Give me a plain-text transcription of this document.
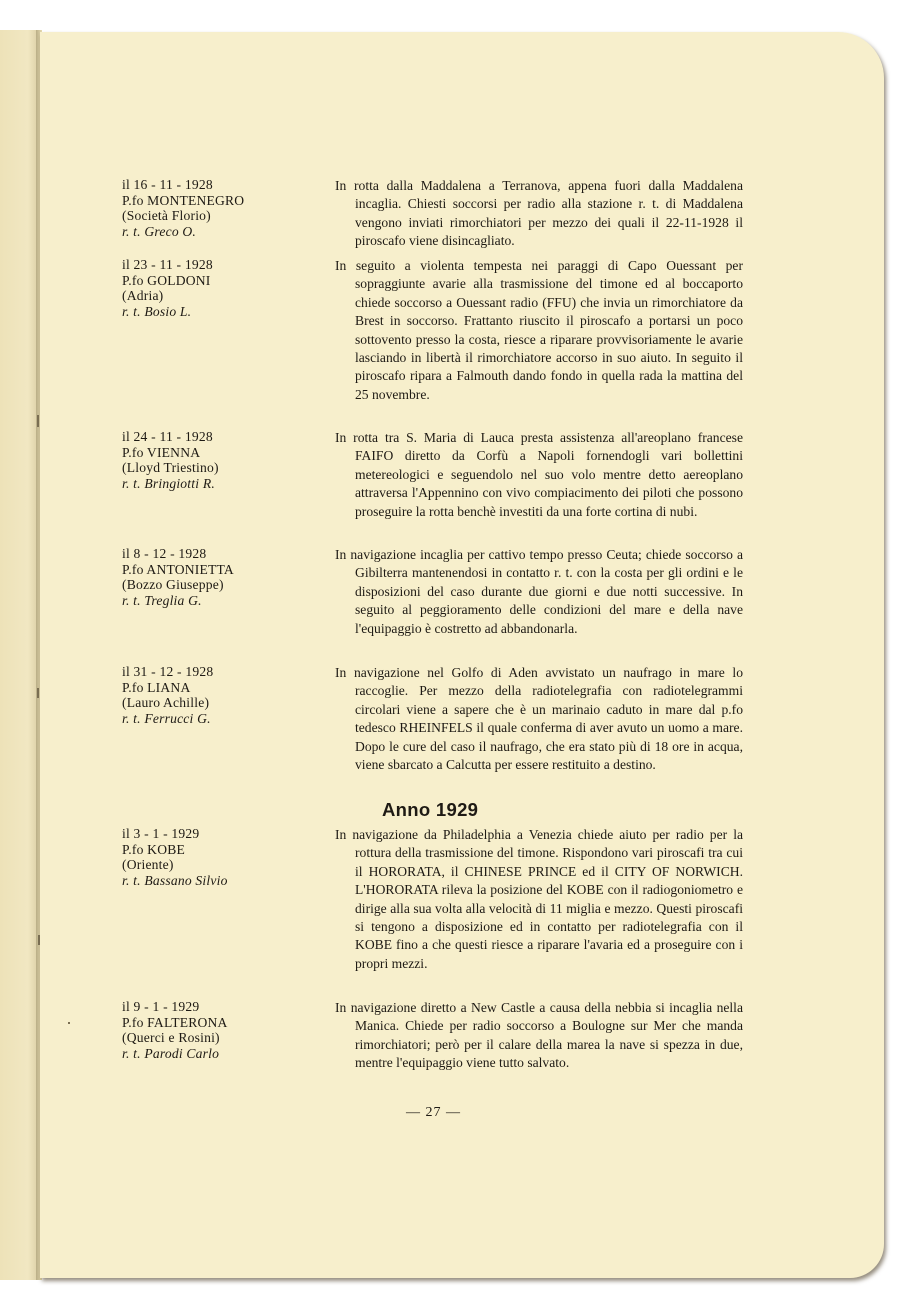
il 16 - 11 - 1928
P.fo MONTENEGRO
(Società Florio)
r. t. Greco O.

In rotta dalla Maddalena a Terranova, appena fuori dalla Maddalena incaglia. Chiesti soccorsi per radio alla stazione r. t. di Maddalena vengono inviati rimorchiatori per mezzo dei quali il 22-11-1928 il piroscafo viene disincagliato.

il 23 - 11 - 1928
P.fo GOLDONI
(Adria)
r. t. Bosio L.

In seguito a violenta tempesta nei paraggi di Capo Ouessant per sopraggiunte avarie alla trasmissione del timone ed al boccaporto chiede soccorso a Ouessant radio (FFU) che invia un rimorchiatore da Brest in soccorso. Frattanto riuscito il piroscafo a portarsi un poco sottovento presso la costa, riesce a riparare provvisoriamente le avarie lasciando in libertà il rimorchiatore accorso in suo aiuto. In seguito il piroscafo ripara a Falmouth dando fondo in quella rada la mattina del 25 novembre.

il 24 - 11 - 1928
P.fo VIENNA
(Lloyd Triestino)
r. t. Bringiotti R.

In rotta tra S. Maria di Lauca presta assistenza all'areoplano francese FAIFO diretto da Corfù a Napoli fornendogli vari bollettini metereologici e seguendolo nel suo volo mentre detto aereoplano attraversa l'Appennino con vivo compiacimento dei piloti che possono proseguire la rotta benchè investiti da una forte cortina di nubi.

il 8 - 12 - 1928
P.fo ANTONIETTA
(Bozzo Giuseppe)
r. t. Treglia G.

In navigazione incaglia per cattivo tempo presso Ceuta; chiede soccorso a Gibilterra mantenendosi in contatto r. t. con la costa per gli ordini e le disposizioni del caso durante due giorni e due notti successive. In seguito al peggioramento delle condizioni del mare e della nave l'equipaggio è costretto ad abbandonarla.

il 31 - 12 - 1928
P.fo LIANA
(Lauro Achille)
r. t. Ferrucci G.

In navigazione nel Golfo di Aden avvistato un naufrago in mare lo raccoglie. Per mezzo della radiotelegrafia con radiotelegrammi circolari viene a sapere che è un marinaio caduto in mare dal p.fo tedesco RHEINFELS il quale conferma di aver avuto un uomo a mare. Dopo le cure del caso il naufrago, che era stato più di 18 ore in acqua, viene sbarcato a Calcutta per essere restituito a destino.

Anno 1929
il 3 - 1 - 1929
P.fo KOBE
(Oriente)
r. t. Bassano Silvio

In navigazione da Philadelphia a Venezia chiede aiuto per radio per la rottura della trasmissione del timone. Rispondono vari piroscafi tra cui il HORORATA, il CHINESE PRINCE ed il CITY OF NORWICH. L'HORORATA rileva la posizione del KOBE con il radiogoniometro e dirige alla sua volta alla velocità di 11 miglia e mezzo. Questi piroscafi si tengono a disposizione ed in contatto per radiotelegrafia con il KOBE fino a che questi riesce a riparare l'avaria ed a proseguire con i propri mezzi.

il 9 - 1 - 1929
P.fo FALTERONA
(Querci e Rosini)
r. t. Parodi Carlo

In navigazione diretto a New Castle a causa della nebbia si incaglia nella Manica. Chiede per radio soccorso a Boulogne sur Mer che manda rimorchiatori; però per il calare della marea la nave si spezza in due, mentre l'equipaggio viene tutto salvato.

— 27 —
